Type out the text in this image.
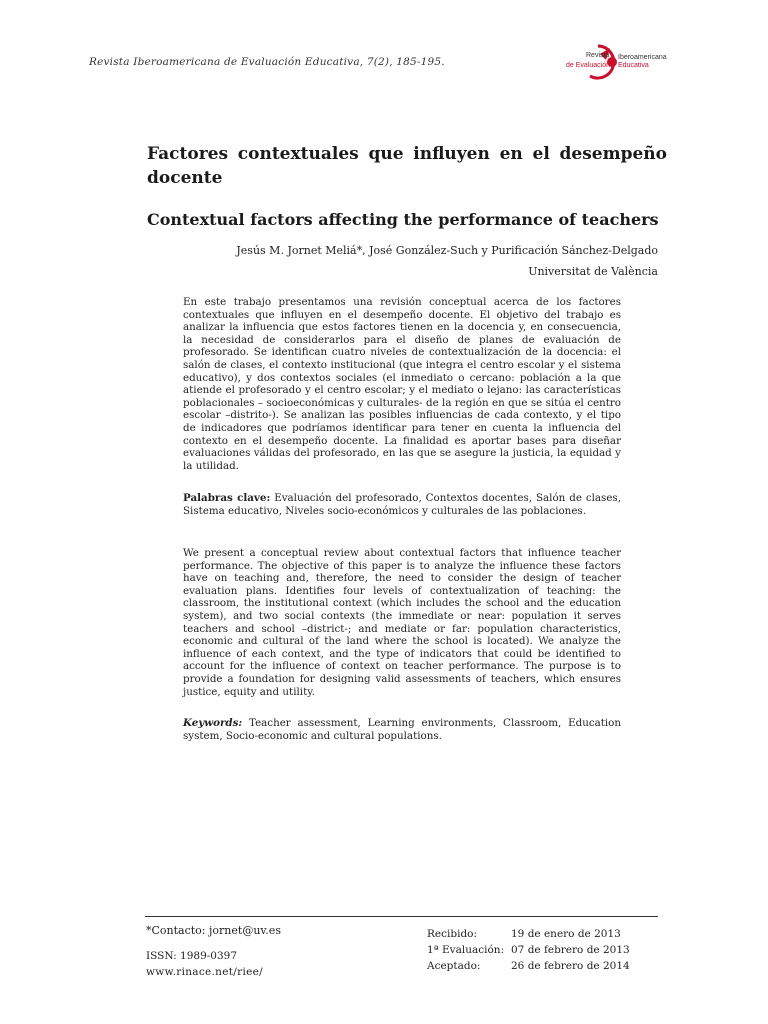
Revista Iberoamericana de Evaluación Educativa, 7(2), 185-195.
Revista Iberoamericana
de Evaluación Educativa
Factores contextuales que influyen en el desempeño docente
Contextual factors affecting the performance of teachers
Jesús M. Jornet Meliá*, José González-Such y Purificación Sánchez-Delgado
Universitat de València
En este trabajo presentamos una revisión conceptual acerca de los factores contextuales que influyen en el desempeño docente. El objetivo del trabajo es analizar la influencia que estos factores tienen en la docencia y, en consecuencia, la necesidad de considerarlos para el diseño de planes de evaluación de profesorado. Se identifican cuatro niveles de contextualización de la docencia: el salón de clases, el contexto institucional (que integra el centro escolar y el sistema educativo), y dos contextos sociales (el inmediato o cercano: población a la que atiende el profesorado y el centro escolar; y el mediato o lejano: las características poblacionales – socioeconómicas y culturales- de la región en que se sitúa el centro escolar –distrito-). Se analizan las posibles influencias de cada contexto, y el tipo de indicadores que podríamos identificar para tener en cuenta la influencia del contexto en el desempeño docente. La finalidad es aportar bases para diseñar evaluaciones válidas del profesorado, en las que se asegure la justicia, la equidad y la utilidad.
Palabras clave: Evaluación del profesorado, Contextos docentes, Salón de clases, Sistema educativo, Niveles socio-económicos y culturales de las poblaciones.
We present a conceptual review about contextual factors that influence teacher performance. The objective of this paper is to analyze the influence these factors have on teaching and, therefore, the need to consider the design of teacher evaluation plans. Identifies four levels of contextualization of teaching: the classroom, the institutional context (which includes the school and the education system), and two social contexts (the immediate or near: population it serves teachers and school –district-; and mediate or far: population characteristics, economic and cultural of the land where the school is located). We analyze the influence of each context, and the type of indicators that could be identified to account for the influence of context on teacher performance. The purpose is to provide a foundation for designing valid assessments of teachers, which ensures justice, equity and utility.
Keywords: Teacher assessment, Learning environments, Classroom, Education system, Socio-economic and cultural populations.
*Contacto: jornet@uv.es
ISSN: 1989-0397
www.rinace.net/riee/
Recibido:	19 de enero de 2013
1ª Evaluación: 07 de febrero de 2013
Aceptado:	26 de febrero de 2014
